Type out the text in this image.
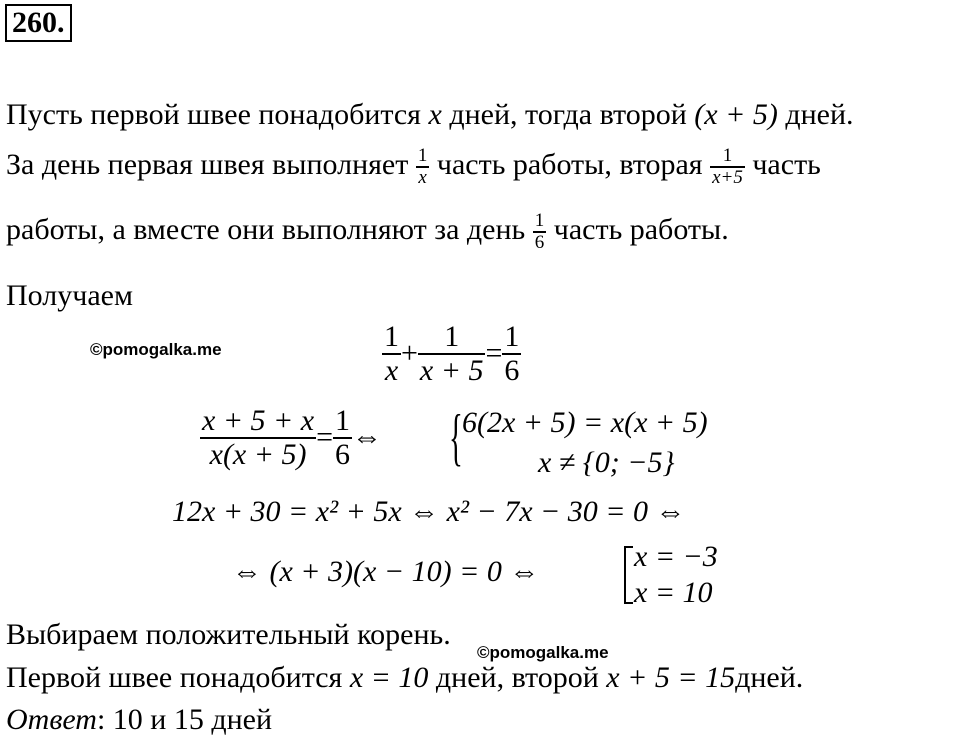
260.
Пусть первой швее понадобится x дней, тогда второй (x + 5) дней.
За день первая швея выполняет $\frac{1}{x}$ часть работы, вторая $\frac{1}{x+5}$ часть
работы, а вместе они выполняют за день $\frac{1}{6}$ часть работы.
Получаем
©pomogalka.me	$\frac{1}{x} + \frac{1}{x + 5} = \frac{1}{6}$
$\frac{x + 5 + x}{x(x + 5)} = \frac{1}{6}$ ⇔ { 6(2x + 5) = x(x + 5)
x ≠ {0; −5}
12x + 30 = x² + 5x ⇔ x² − 7x − 30 = 0 ⇔
⇔ (x + 3)(x − 10) = 0 ⇔	x = −3
x = 10
Выбираем положительный корень.
©pomogalka.me
Первой швее понадобится x = 10 дней, второй x + 5 = 15дней.
Ответ: 10 и 15 дней
